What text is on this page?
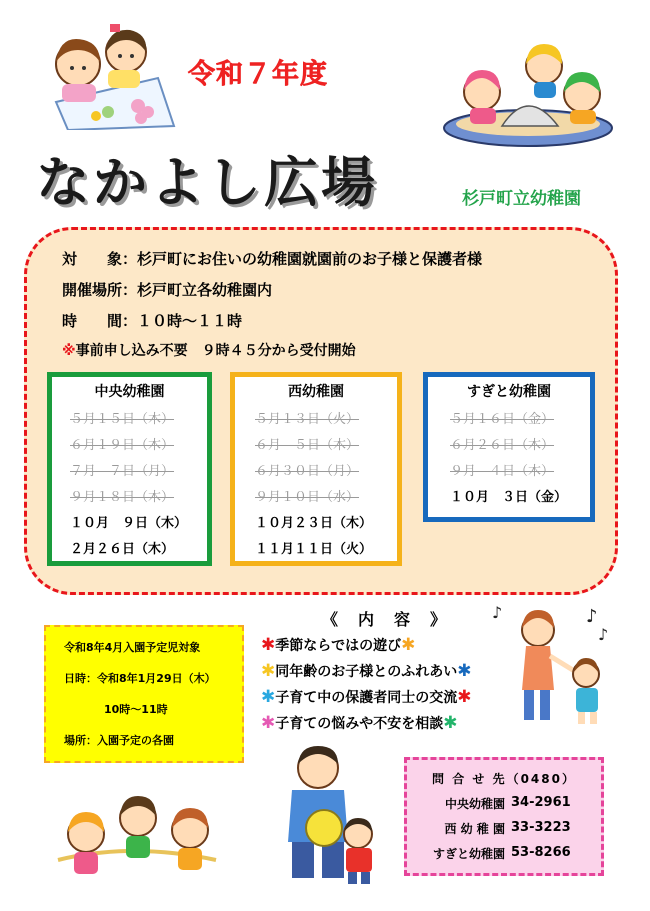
令和７年度
なかよし広場	杉戸町立幼稚園
対　　象：杉戸町にお住いの幼稚園就園前のお子様と保護者様
開催場所：杉戸町立各幼稚園内
時　　間：１０時～１１時
※事前申し込み不要　９時４５分から受付開始
中央幼稚園
５月１５日（木）
６月１９日（木）
７月　７日（月）
９月１８日（木）
１０月　９日（木）
２月２６日（木）
西幼稚園
５月１３日（火）
６月　５日（木）
６月３０日（月）
９月１０日（水）
１０月２３日（木）
１１月１１日（火）
すぎと幼稚園
５月１６日（金）
６月２６日（木）
９月　４日（木）
１０月　３日（金）
令和8年4月入園予定児対象
日時：令和8年1月29日（木）
10時～11時
場所：入園予定の各園
《　内　容　》
✱季節ならではの遊び✱
✱同年齢のお子様とのふれあい✱
✱子育て中の保護者同士の交流✱
✱子育ての悩みや不安を相談✱
♪	♪
♪
問 合 せ 先（0480）
中央幼稚園 34-2961
西 幼 稚 園 33-3223
すぎと幼稚園 53-8266
